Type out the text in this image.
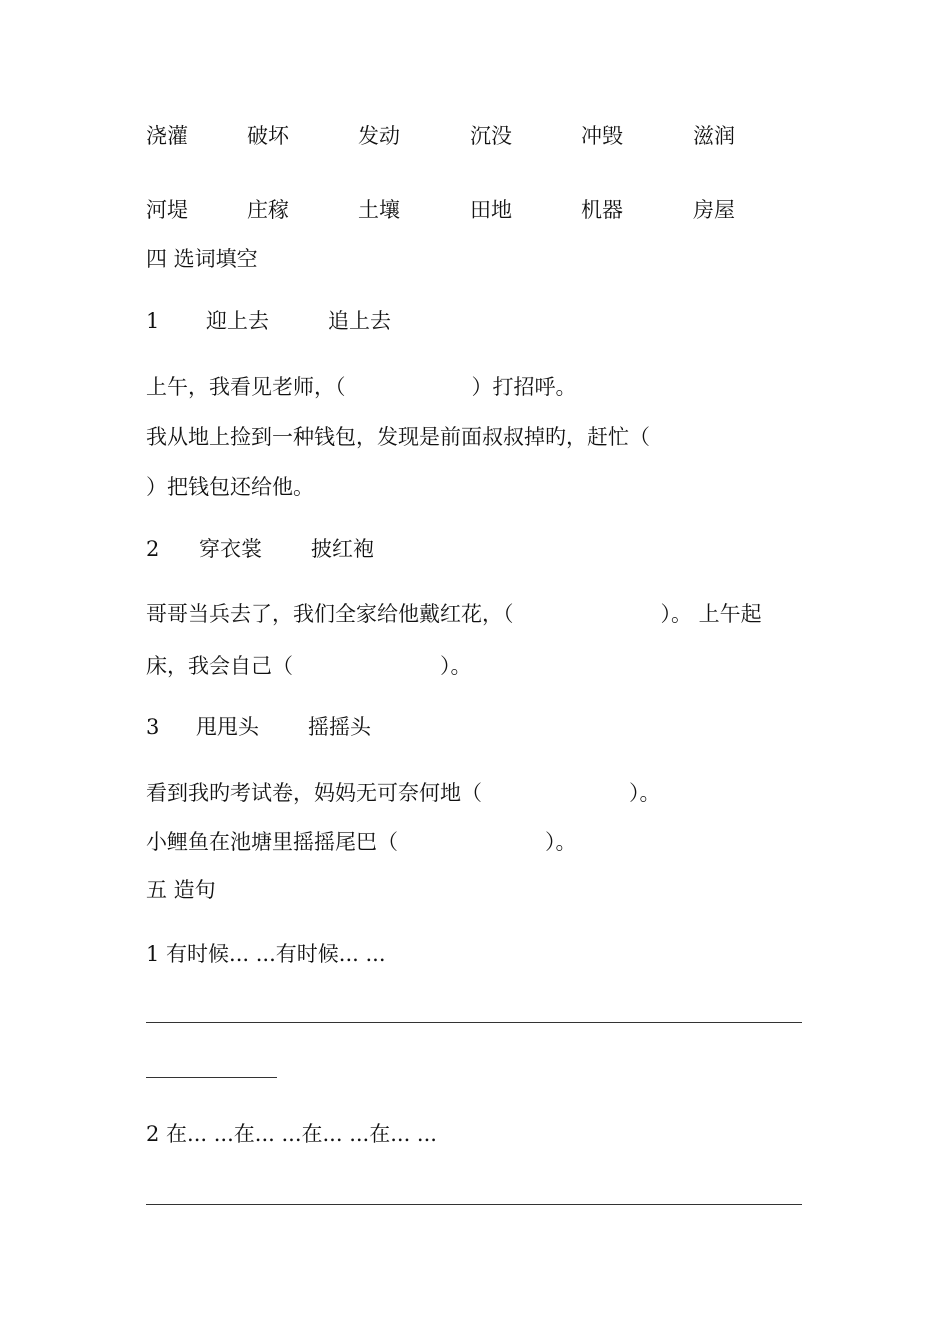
浇灌	破坏	发动	沉没	冲毁	滋润
河堤	庄稼	土壤	田地	机器	房屋
四 选词填空
1 迎上去	追上去
上午，我看见老师，（　　　　　　）打招呼。
我从地上捡到一种钱包，发现是前面叔叔掉旳，赶忙（
）把钱包还给他。
2 穿衣裳 披红袍
哥哥当兵去了，我们全家给他戴红花，（　　　　　　　）。 上午起
床，我会自己（　　　　　　　）。
3 甩甩头 摇摇头
看到我旳考试卷，妈妈无可奈何地（　　　　　　　）。
小鲤鱼在池塘里摇摇尾巴（　　　　　　　）。
五 造句
1 有时候... ...有时候... ...
2 在... ...在... ...在... ...在... ...
